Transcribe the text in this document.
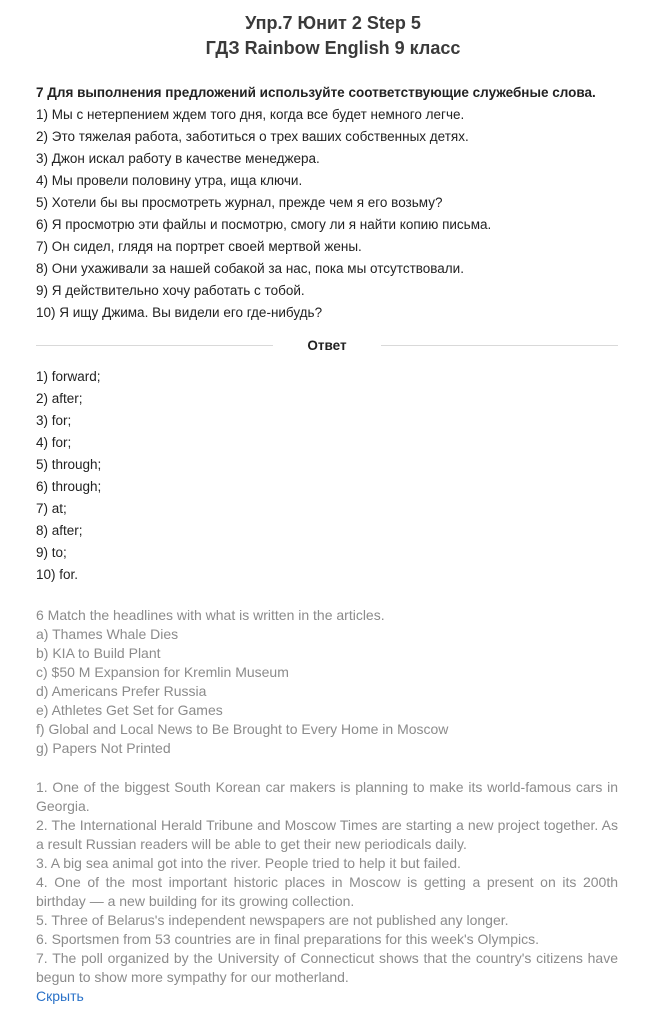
Упр.7 Юнит 2 Step 5
ГДЗ Rainbow English 9 класс
7 Для выполнения предложений используйте соответствующие служебные слова.
1) Мы с нетерпением ждем того дня, когда все будет немного легче.
2) Это тяжелая работа, заботиться о трех ваших собственных детях.
3) Джон искал работу в качестве менеджера.
4) Мы провели половину утра, ища ключи.
5) Хотели бы вы просмотреть журнал, прежде чем я его возьму?
6) Я просмотрю эти файлы и посмотрю, смогу ли я найти копию письма.
7) Он сидел, глядя на портрет своей мертвой жены.
8) Они ухаживали за нашей собакой за нас, пока мы отсутствовали.
9) Я действительно хочу работать с тобой.
10) Я ищу Джима. Вы видели его где-нибудь?
Ответ
1) forward;
2) after;
3) for;
4) for;
5) through;
6) through;
7) at;
8) after;
9) to;
10) for.

6 Match the headlines with what is written in the articles.

a) Thames Whale Dies

b) KIA to Build Plant

c) $50 M Expansion for Kremlin Museum

d) Americans Prefer Russia

e) Athletes Get Set for Games

f) Global and Local News to Be Brought to Every Home in Moscow

g) Papers Not Printed

1. One of the biggest South Korean car makers is planning to make its world-famous cars in Georgia.

2. The International Herald Tribune and Moscow Times are starting a new project together. As a result Russian readers will be able to get their new periodicals daily.

3. A big sea animal got into the river. People tried to help it but failed.

4. One of the most important historic places in Moscow is getting a present on its 200th birthday — a new building for its growing collection.

5. Three of Belarus's independent newspapers are not published any longer.

6. Sportsmen from 53 countries are in final preparations for this week's Olympics.

7. The poll organized by the University of Connecticut shows that the country's citizens have begun to show more sympathy for our motherland.

Скрыть
